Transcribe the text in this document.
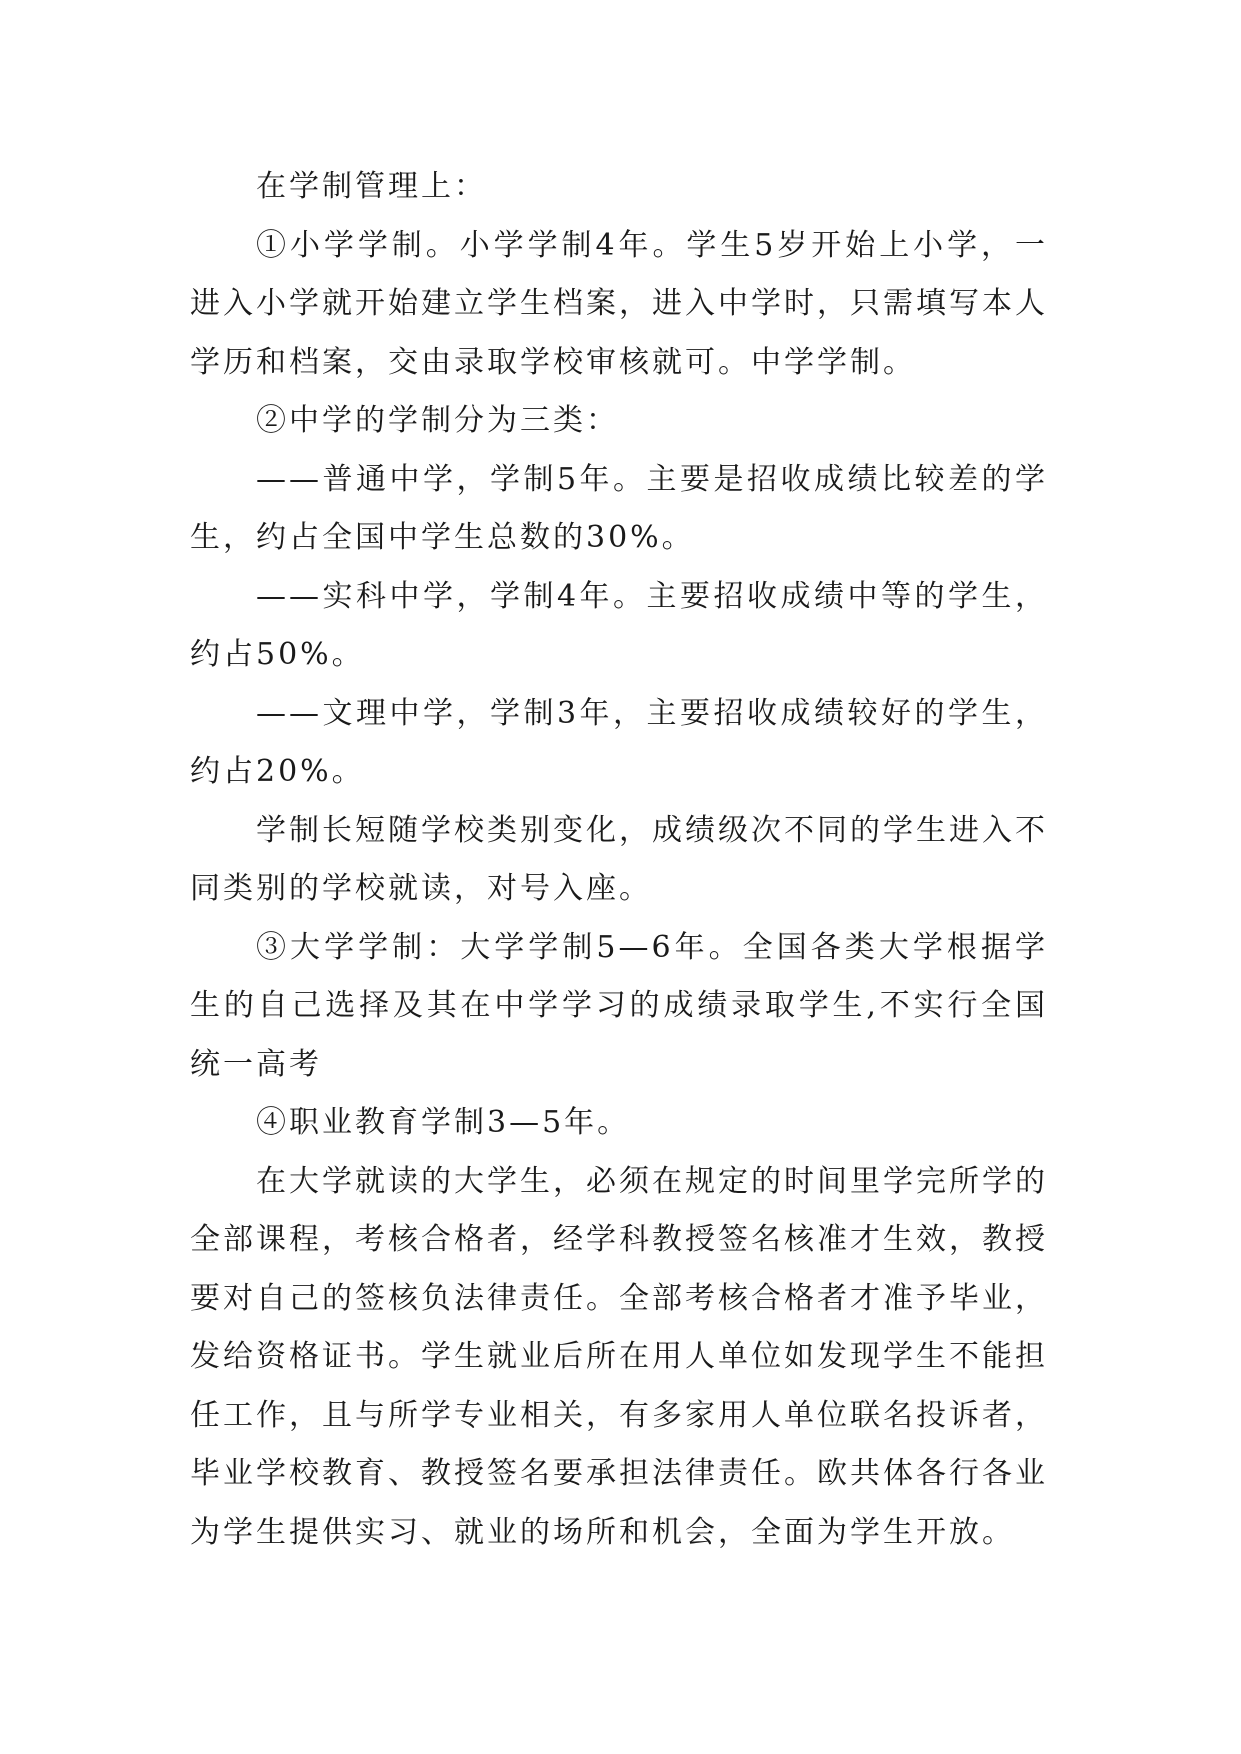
在学制管理上：

①小学学制。小学学制4年。学生5岁开始上小学，一进入小学就开始建立学生档案，进入中学时，只需填写本人学历和档案，交由录取学校审核就可。中学学制。

②中学的学制分为三类：

——普通中学，学制5年。主要是招收成绩比较差的学生，约占全国中学生总数的30%。

——实科中学，学制4年。主要招收成绩中等的学生，约占50%。

——文理中学，学制3年，主要招收成绩较好的学生，约占20%。

学制长短随学校类别变化，成绩级次不同的学生进入不同类别的学校就读，对号入座。

③大学学制：大学学制5—6年。全国各类大学根据学生的自己选择及其在中学学习的成绩录取学生,不实行全国统一高考

④职业教育学制3—5年。

在大学就读的大学生，必须在规定的时间里学完所学的全部课程，考核合格者，经学科教授签名核准才生效，教授要对自己的签核负法律责任。全部考核合格者才准予毕业，发给资格证书。学生就业后所在用人单位如发现学生不能担任工作，且与所学专业相关，有多家用人单位联名投诉者，毕业学校教育、教授签名要承担法律责任。欧共体各行各业为学生提供实习、就业的场所和机会，全面为学生开放。
